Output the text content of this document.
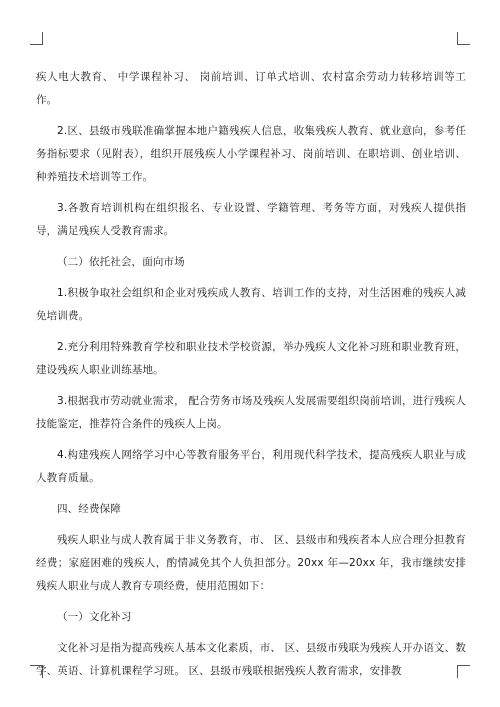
疾人电大教育、 中学课程补习、 岗前培训、订单式培训、农村富余劳动力转移培训等工作。

2.区、县级市残联准确掌握本地户籍残疾人信息，收集残疾人教育、就业意向，参考任务指标要求（见附表），组织开展残疾人小学课程补习、岗前培训、在职培训、创业培训、种养殖技术培训等工作。

3.各教育培训机构在组织报名、专业设置、学籍管理、考务等方面，对残疾人提供指导，满足残疾人受教育需求。

（二）依托社会，面向市场

1.积极争取社会组织和企业对残疾成人教育、培训工作的支持，对生活困难的残疾人减免培训费。

2.充分利用特殊教育学校和职业技术学校资源，举办残疾人文化补习班和职业教育班，建设残疾人职业训练基地。

3.根据我市劳动就业需求， 配合劳务市场及残疾人发展需要组织岗前培训，进行残疾人技能鉴定，推荐符合条件的残疾人上岗。

4.构建残疾人网络学习中心等教育服务平台，利用现代科学技术，提高残疾人职业与成人教育质量。

四、经费保障

残疾人职业与成人教育属于非义务教育，市、 区、县级市和残疾者本人应合理分担教育经费；家庭困难的残疾人，酌情减免其个人负担部分。20xx 年—20xx 年，我市继续安排残疾人职业与成人教育专项经费，使用范围如下：

（一）文化补习

文化补习是指为提高残疾人基本文化素质，市、 区、县级市残联为残疾人开办语文、数学、英语、计算机课程学习班。 区、县级市残联根据残疾人教育需求，安排教
